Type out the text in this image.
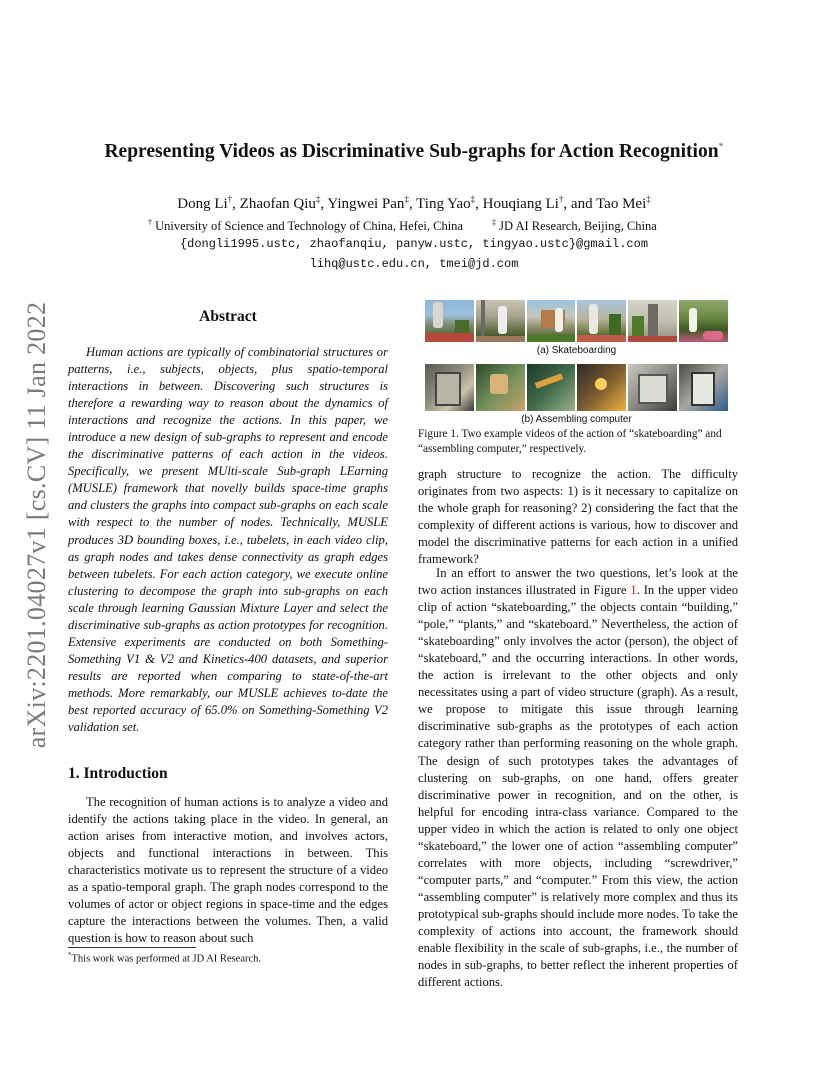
arXiv:2201.04027v1 [cs.CV] 11 Jan 2022
Representing Videos as Discriminative Sub-graphs for Action Recognition*
Dong Li†, Zhaofan Qiu‡, Yingwei Pan‡, Ting Yao‡, Houqiang Li†, and Tao Mei‡
† University of Science and Technology of China, Hefei, China	‡ JD AI Research, Beijing, China
{dongli1995.ustc, zhaofanqiu, panyw.ustc, tingyao.ustc}@gmail.com
lihq@ustc.edu.cn, tmei@jd.com
Abstract
Human actions are typically of combinatorial structures or patterns, i.e., subjects, objects, plus spatio-temporal interactions in between. Discovering such structures is therefore a rewarding way to reason about the dynamics of interactions and recognize the actions. In this paper, we introduce a new design of sub-graphs to represent and encode the discriminative patterns of each action in the videos. Specifically, we present MUlti-scale Sub-graph LEarning (MUSLE) framework that novelly builds space-time graphs and clusters the graphs into compact sub-graphs on each scale with respect to the number of nodes. Technically, MUSLE produces 3D bounding boxes, i.e., tubelets, in each video clip, as graph nodes and takes dense connectivity as graph edges between tubelets. For each action category, we execute online clustering to decompose the graph into sub-graphs on each scale through learning Gaussian Mixture Layer and select the discriminative sub-graphs as action prototypes for recognition. Extensive experiments are conducted on both Something-Something V1 & V2 and Kinetics-400 datasets, and superior results are reported when comparing to state-of-the-art methods. More remarkably, our MUSLE achieves to-date the best reported accuracy of 65.0% on Something-Something V2 validation set.
1. Introduction
The recognition of human actions is to analyze a video and identify the actions taking place in the video. In general, an action arises from interactive motion, and involves actors, objects and functional interactions in between. This characteristics motivate us to represent the structure of a video as a spatio-temporal graph. The graph nodes correspond to the volumes of actor or object regions in space-time and the edges capture the interactions between the volumes. Then, a valid question is how to reason about such
*This work was performed at JD AI Research.
(a) Skateboarding
(b) Assembling computer
Figure 1. Two example videos of the action of “skateboarding” and “assembling computer,” respectively.
graph structure to recognize the action. The difficulty originates from two aspects: 1) is it necessary to capitalize on the whole graph for reasoning? 2) considering the fact that the complexity of different actions is various, how to discover and model the discriminative patterns for each action in a unified framework?
In an effort to answer the two questions, let’s look at the two action instances illustrated in Figure 1. In the upper video clip of action “skateboarding,” the objects contain “building,” “pole,” “plants,” and “skateboard.” Nevertheless, the action of “skateboarding” only involves the actor (person), the object of “skateboard,” and the occurring interactions. In other words, the action is irrelevant to the other objects and only necessitates using a part of video structure (graph). As a result, we propose to mitigate this issue through learning discriminative sub-graphs as the prototypes of each action category rather than performing reasoning on the whole graph. The design of such prototypes takes the advantages of clustering on sub-graphs, on one hand, offers greater discriminative power in recognition, and on the other, is helpful for encoding intra-class variance. Compared to the upper video in which the action is related to only one object “skateboard,” the lower one of action “assembling computer” correlates with more objects, including “screwdriver,” “computer parts,” and “computer.” From this view, the action “assembling computer” is relatively more complex and thus its prototypical sub-graphs should include more nodes. To take the complexity of actions into account, the framework should enable flexibility in the scale of sub-graphs, i.e., the number of nodes in sub-graphs, to better reflect the inherent properties of different actions.
